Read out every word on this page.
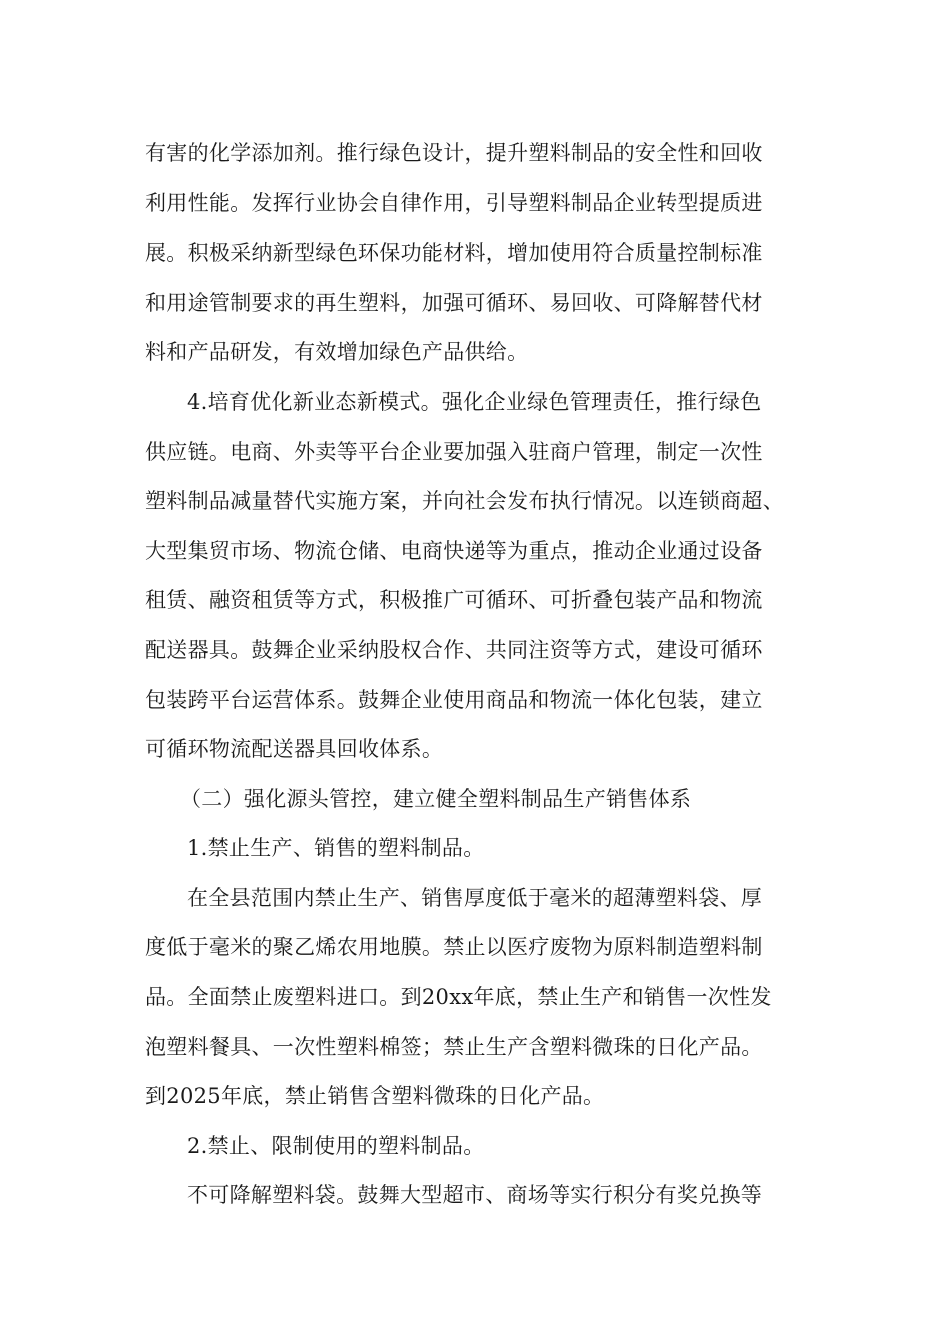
有害的化学添加剂。推行绿色设计，提升塑料制品的安全性和回收
利用性能。发挥行业协会自律作用，引导塑料制品企业转型提质进
展。积极采纳新型绿色环保功能材料，增加使用符合质量控制标准
和用途管制要求的再生塑料，加强可循环、易回收、可降解替代材
料和产品研发，有效增加绿色产品供给。
4.培育优化新业态新模式。强化企业绿色管理责任，推行绿色
供应链。电商、外卖等平台企业要加强入驻商户管理，制定一次性
塑料制品减量替代实施方案，并向社会发布执行情况。以连锁商超、
大型集贸市场、物流仓储、电商快递等为重点，推动企业通过设备
租赁、融资租赁等方式，积极推广可循环、可折叠包装产品和物流
配送器具。鼓舞企业采纳股权合作、共同注资等方式，建设可循环
包装跨平台运营体系。鼓舞企业使用商品和物流一体化包装，建立
可循环物流配送器具回收体系。
（二）强化源头管控，建立健全塑料制品生产销售体系
1.禁止生产、销售的塑料制品。
在全县范围内禁止生产、销售厚度低于毫米的超薄塑料袋、厚
度低于毫米的聚乙烯农用地膜。禁止以医疗废物为原料制造塑料制
品。全面禁止废塑料进口。到20xx年底，禁止生产和销售一次性发
泡塑料餐具、一次性塑料棉签；禁止生产含塑料微珠的日化产品。
到2025年底，禁止销售含塑料微珠的日化产品。
2.禁止、限制使用的塑料制品。
不可降解塑料袋。鼓舞大型超市、商场等实行积分有奖兑换等
